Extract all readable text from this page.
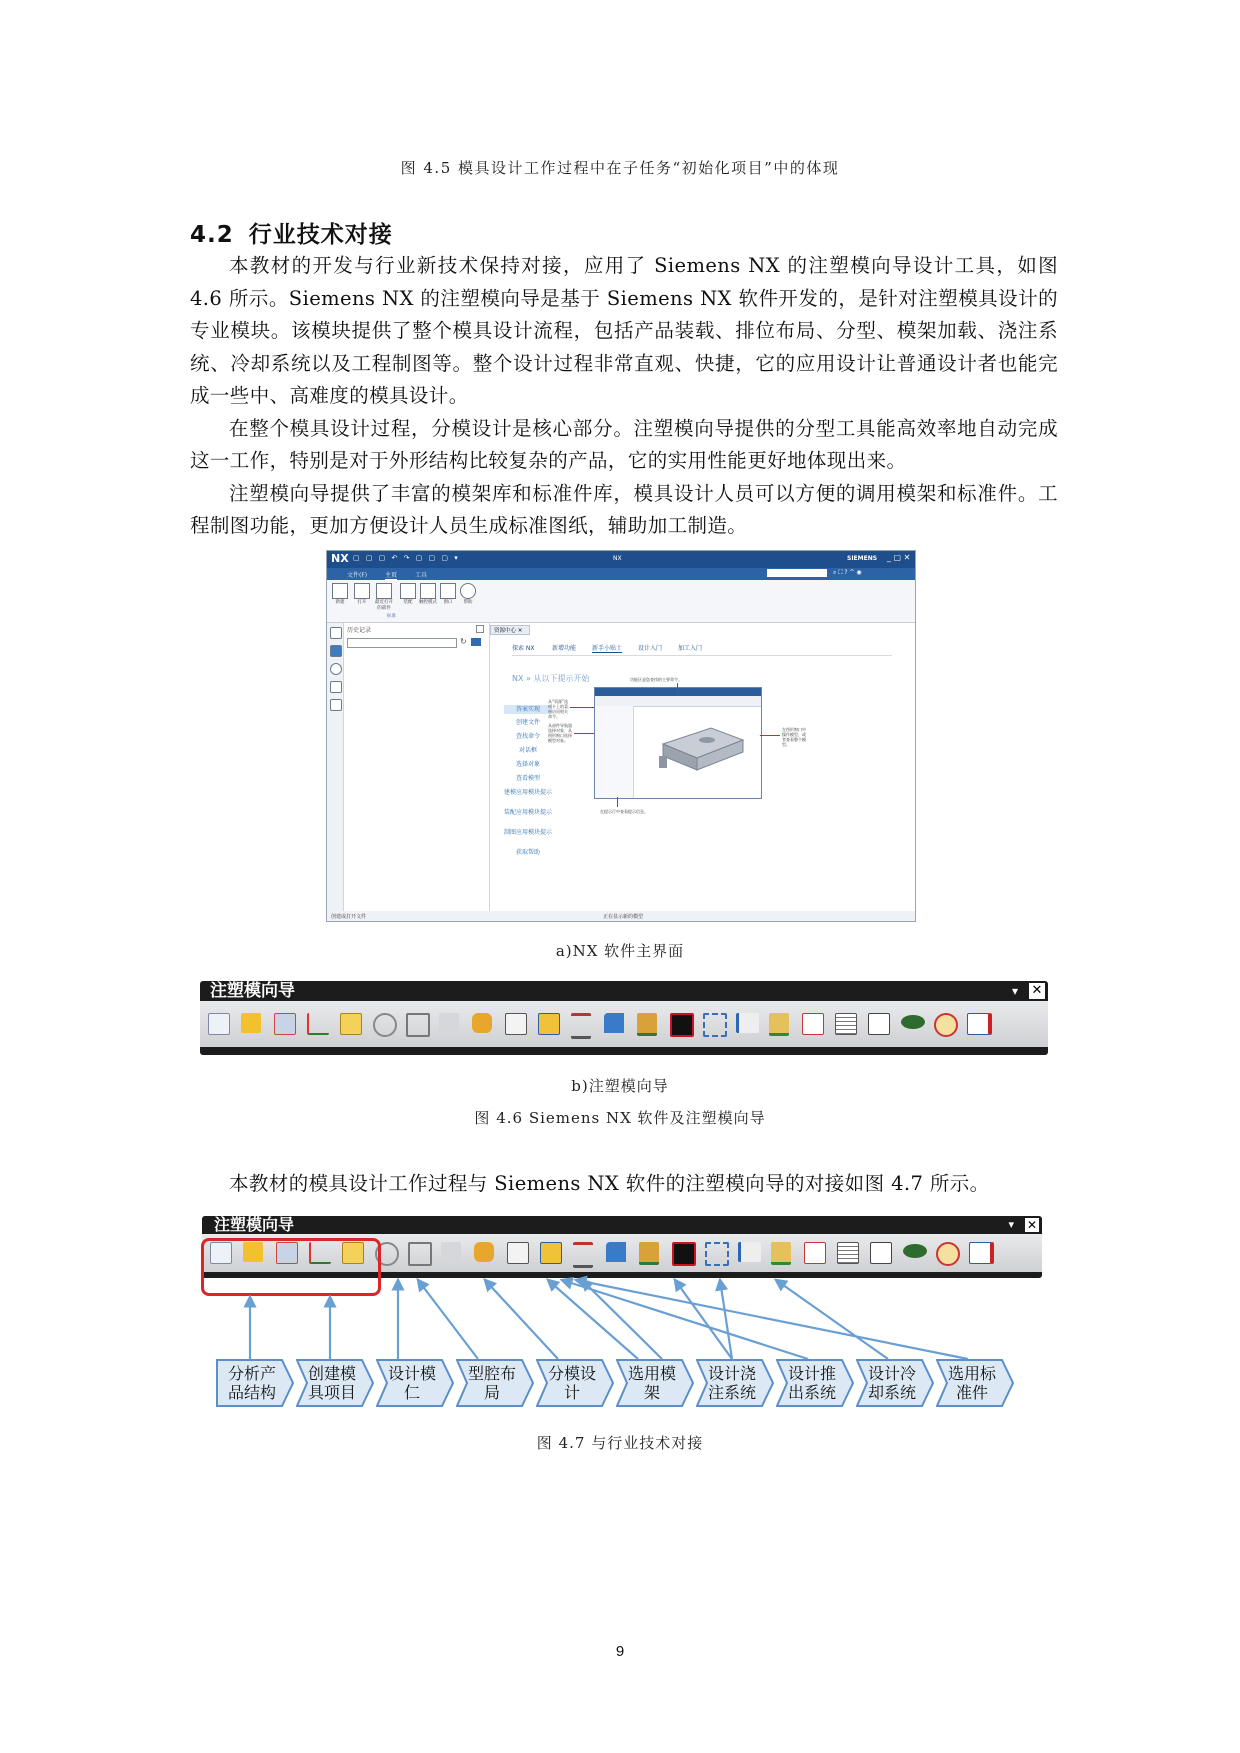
图 4.5 模具设计工作过程中在子任务“初始化项目”中的体现
4.2 行业技术对接

本教材的开发与行业新技术保持对接，应用了 Siemens NX 的注塑模向导设计工具，如图 4.6 所示。Siemens NX 的注塑模向导是基于 Siemens NX 软件开发的，是针对注塑模具设计的专业模块。该模块提供了整个模具设计流程，包括产品装载、排位布局、分型、模架加载、浇注系统、冷却系统以及工程制图等。整个设计过程非常直观、快捷，它的应用设计让普通设计者也能完成一些中、高难度的模具设计。

在整个模具设计过程，分模设计是核心部分。注塑模向导提供的分型工具能高效率地自动完成这一工作，特别是对于外形结构比较复杂的产品，它的实用性能更好地体现出来。

注塑模向导提供了丰富的模架库和标准件库，模具设计人员可以方便的调用模架和标准件。工程制图功能，更加方便设计人员生成标准图纸，辅助加工制造。

NX ▢ ▢ ▢ ↶ ↷ ▢ ▢ ▢ ▾	NX	SIEMENS _ ▢ ✕
文件(F)	主页	工具	⌕ ⛶ ? ^ ◉
新建	打开	最近打开的部件
装配	触控模式	窗口	帮助
标准
历史记录
↻
资源中心 ✕
探索 NX	新增功能	新手小贴士	设计入门	加工入门
NX » 从以下提示开始
答案实现
创建文件
查找命令
对话框
选择对象
查看模型
建模应用模块提示
装配应用模块提示
制图应用模块提示
获取帮助
功能区是您查找的主要命令。
从“资源”选项卡上的菜单访问相关命令。
从部件导航器选择对象，从图形窗口选择模型对象。
在图形窗口中操作模型，或者查看整个模型。
在提示行中查看提示信息。
创建或打开文件	正在显示新的模型
a)NX 软件主界面
注塑模向导	▾ ✕
b)注塑模向导
图 4.6 Siemens NX 软件及注塑模向导
本教材的模具设计工作过程与 Siemens NX 软件的注塑模向导的对接如图 4.7 所示。
注塑模向导	▾ ✕
分析产
品结构
创建模
具项目
设计模
仁
型腔布
局
分模设
计
选用模
架
设计浇
注系统
设计推
出系统
设计冷
却系统
选用标
准件
图 4.7 与行业技术对接
9
